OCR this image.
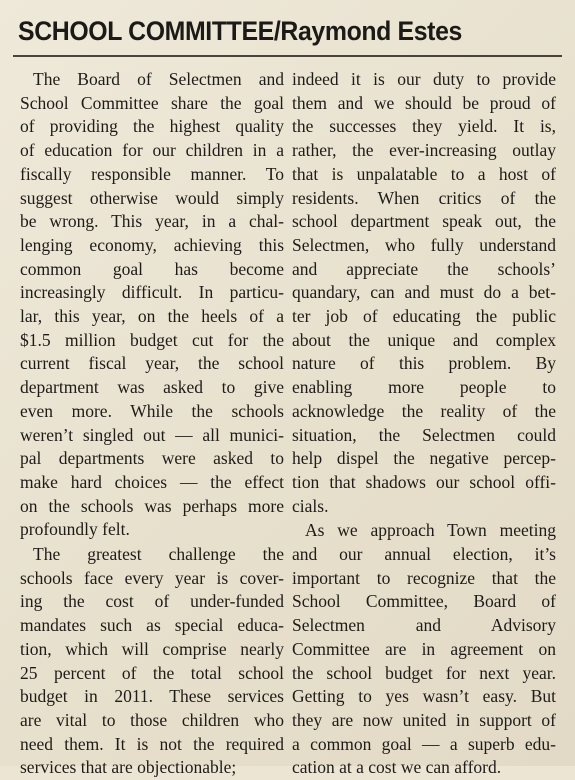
SCHOOL COMMITTEE/Raymond Estes

The Board of Selectmen and
School Committee share the goal
of providing the highest quality
of education for our children in a
fiscally responsible manner. To
suggest otherwise would simply
be wrong. This year, in a chal-
lenging economy, achieving this
common goal has become
increasingly difficult. In particu-
lar, this year, on the heels of a
$1.5 million budget cut for the
current fiscal year, the school
department was asked to give
even more. While the schools
weren’t singled out — all munici-
pal departments were asked to
make hard choices — the effect
on the schools was perhaps more
profoundly felt.

The greatest challenge the
schools face every year is cover-
ing the cost of under-funded
mandates such as special educa-
tion, which will comprise nearly
25 percent of the total school
budget in 2011. These services
are vital to those children who
need them. It is not the required
services that are objectionable;

indeed it is our duty to provide
them and we should be proud of
the successes they yield. It is,
rather, the ever-increasing outlay
that is unpalatable to a host of
residents. When critics of the
school department speak out, the
Selectmen, who fully understand
and appreciate the schools’
quandary, can and must do a bet-
ter job of educating the public
about the unique and complex
nature of this problem. By
enabling more people to
acknowledge the reality of the
situation, the Selectmen could
help dispel the negative percep-
tion that shadows our school offi-
cials.

As we approach Town meeting
and our annual election, it’s
important to recognize that the
School Committee, Board of
Selectmen and Advisory
Committee are in agreement on
the school budget for next year.
Getting to yes wasn’t easy. But
they are now united in support of
a common goal — a superb edu-
cation at a cost we can afford.
